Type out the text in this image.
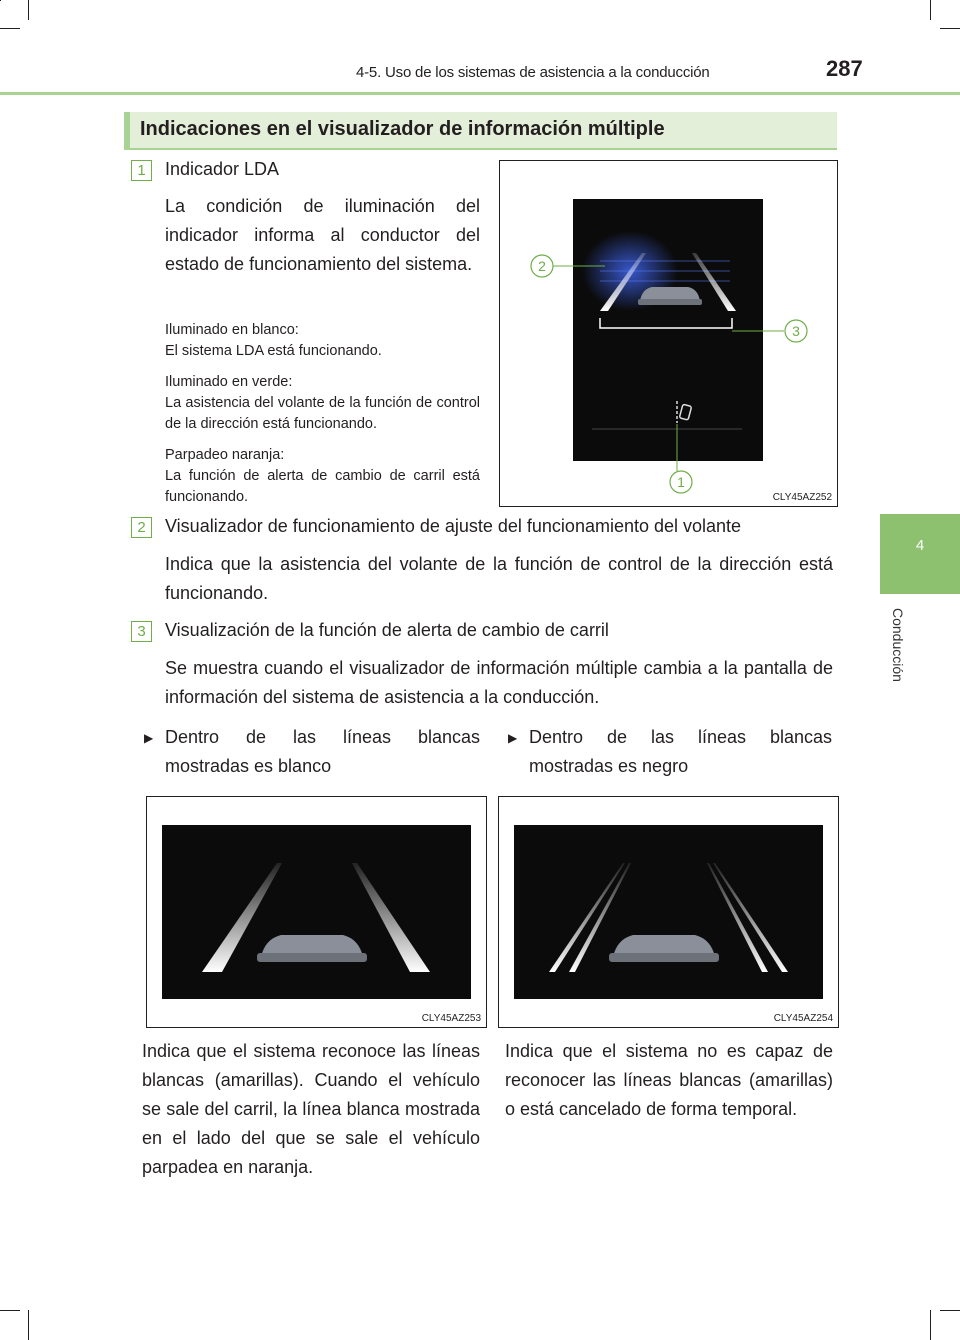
4-5. Uso de los sistemas de asistencia a la conducción	287
4
Conducción
Indicaciones en el visualizador de información múltiple
1	Indicador LDA
La condición de iluminación del indicador informa al conductor del estado de funcionamiento del sistema.
Iluminado en blanco:
El sistema LDA está funcionando.
Iluminado en verde:
La asistencia del volante de la función de control de la dirección está funcionando.
Parpadeo naranja:
La función de alerta de cambio de carril está funcionando.
2
3
1
CLY45AZ252
2	Visualizador de funcionamiento de ajuste del funcionamiento del volante
Indica que la asistencia del volante de la función de control de la dirección está funcionando.
3	Visualización de la función de alerta de cambio de carril
Se muestra cuando el visualizador de información múltiple cambia a la pantalla de información del sistema de asistencia a la conducción.
▶ Dentro de las líneas blancas mostradas es blanco
▶ Dentro de las líneas blancas mostradas es negro
CLY45AZ253	CLY45AZ254
Indica que el sistema reconoce las líneas blancas (amarillas). Cuando el vehículo se sale del carril, la línea blanca mostrada en el lado del que se sale el vehículo parpadea en naranja.
Indica que el sistema no es capaz de reconocer las líneas blancas (amarillas) o está cancelado de forma temporal.
